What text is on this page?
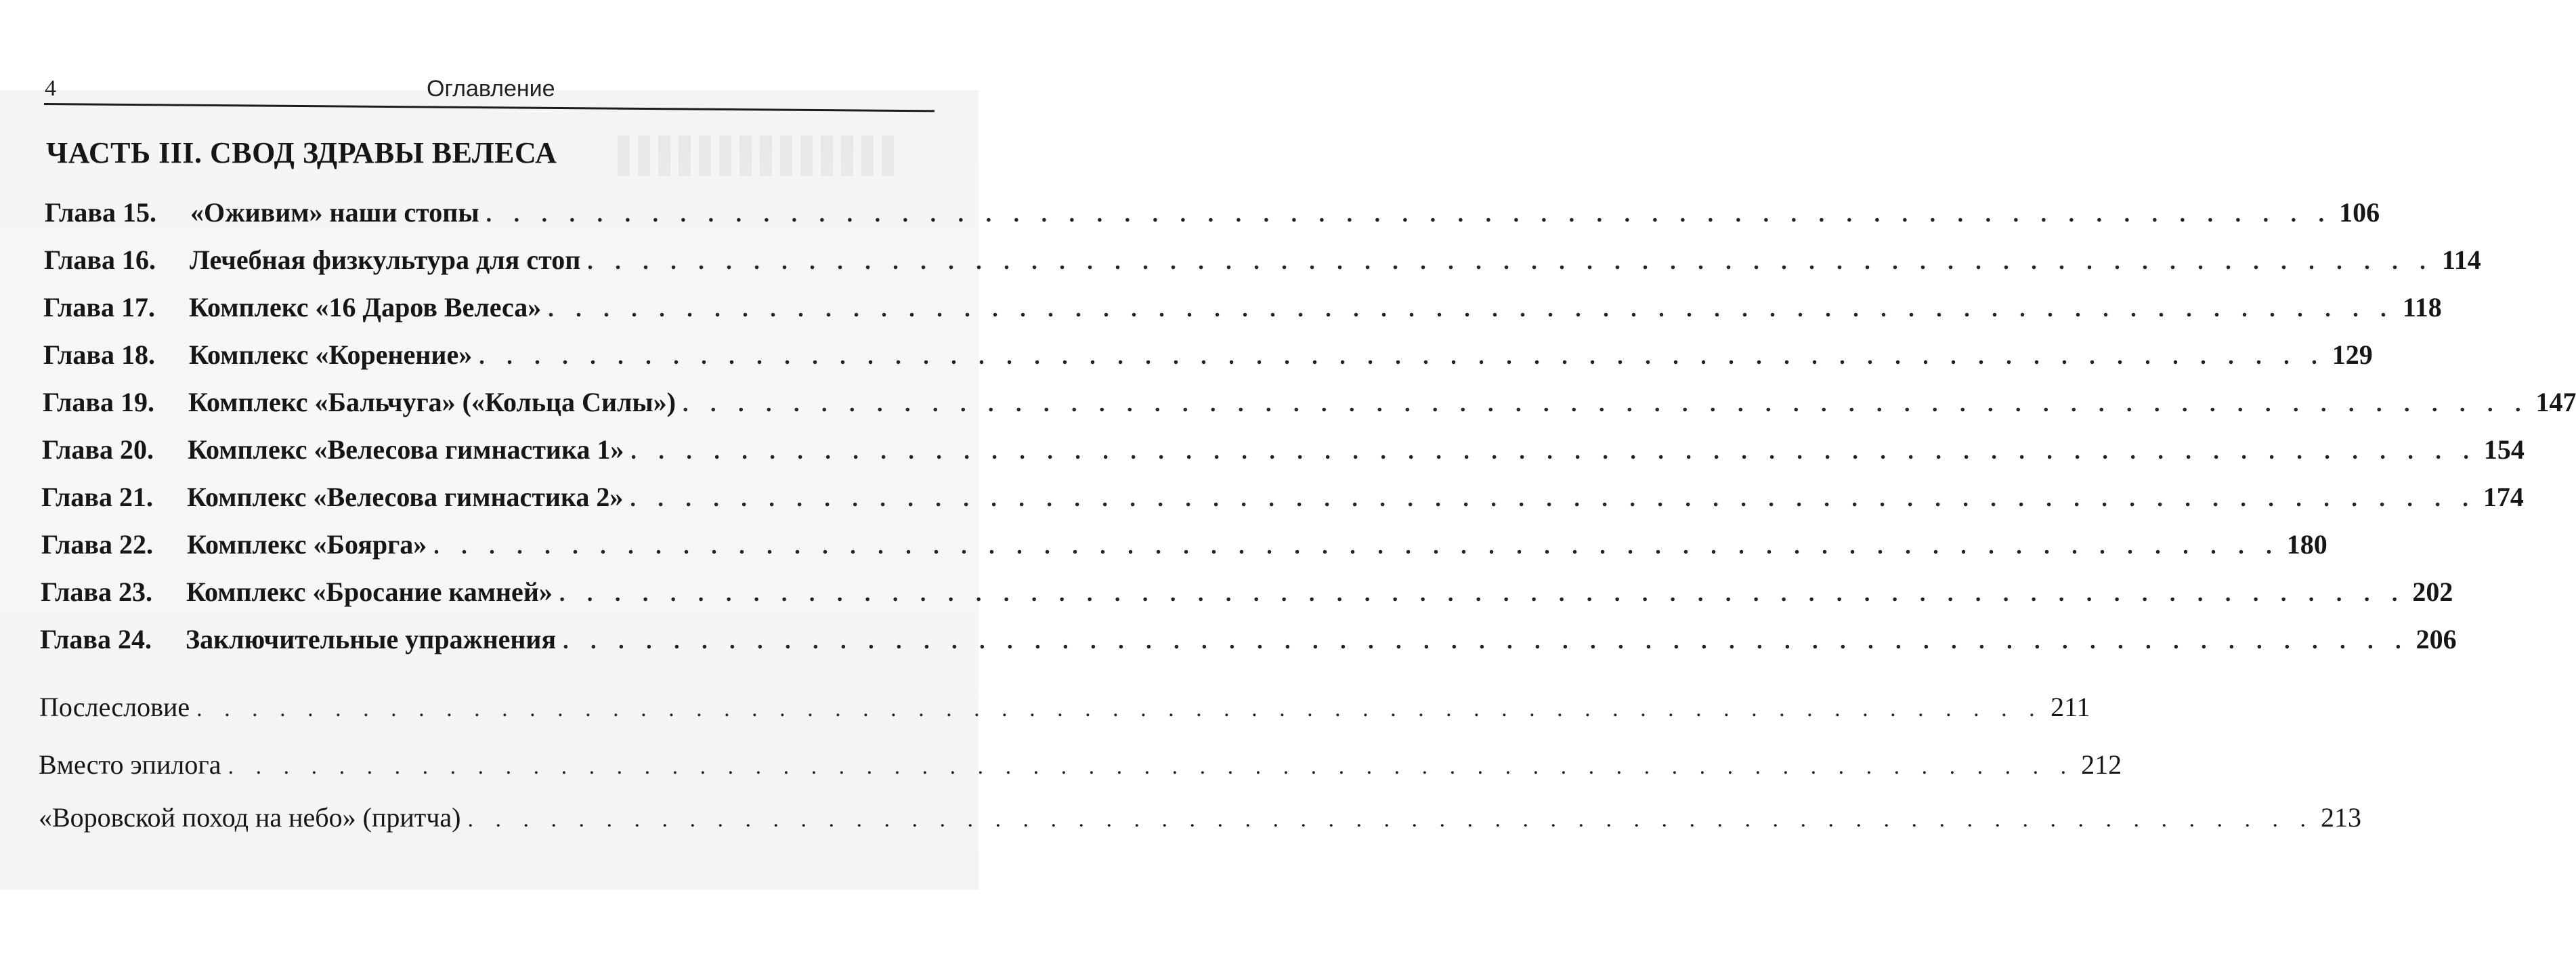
4	Оглавление
ЧАСТЬ III. СВОД ЗДРАВЫ ВЕЛЕСА
Глава 15.	«Оживим» наши стопы . . . . . . . . . . . . . . . . . . . . . . . . . . . . . . . . . . . . . . . . . . . . . . . . . . . . . . . . . . . . . . . . . . . 106
Глава 16.	Лечебная физкультура для стоп . . . . . . . . . . . . . . . . . . . . . . . . . . . . . . . . . . . . . . . . . . . . . . . . . . . . . . . . . . . . . . . . . . . 114
Глава 17.	Комплекс «16 Даров Велеса» . . . . . . . . . . . . . . . . . . . . . . . . . . . . . . . . . . . . . . . . . . . . . . . . . . . . . . . . . . . . . . . . . . . 118
Глава 18.	Комплекс «Коренение» . . . . . . . . . . . . . . . . . . . . . . . . . . . . . . . . . . . . . . . . . . . . . . . . . . . . . . . . . . . . . . . . . . . 129
Глава 19.	Комплекс «Бальчуга» («Кольца Силы») . . . . . . . . . . . . . . . . . . . . . . . . . . . . . . . . . . . . . . . . . . . . . . . . . . . . . . . . . . . . . . . . . . . 147
Глава 20.	Комплекс «Велесова гимнастика 1» . . . . . . . . . . . . . . . . . . . . . . . . . . . . . . . . . . . . . . . . . . . . . . . . . . . . . . . . . . . . . . . . . . . 154
Глава 21.	Комплекс «Велесова гимнастика 2» . . . . . . . . . . . . . . . . . . . . . . . . . . . . . . . . . . . . . . . . . . . . . . . . . . . . . . . . . . . . . . . . . . . 174
Глава 22.	Комплекс «Боярга» . . . . . . . . . . . . . . . . . . . . . . . . . . . . . . . . . . . . . . . . . . . . . . . . . . . . . . . . . . . . . . . . . . . 180
Глава 23.	Комплекс «Бросание камней» . . . . . . . . . . . . . . . . . . . . . . . . . . . . . . . . . . . . . . . . . . . . . . . . . . . . . . . . . . . . . . . . . . . 202
Глава 24.	Заключительные упражнения . . . . . . . . . . . . . . . . . . . . . . . . . . . . . . . . . . . . . . . . . . . . . . . . . . . . . . . . . . . . . . . . . . . 206
Послесловие . . . . . . . . . . . . . . . . . . . . . . . . . . . . . . . . . . . . . . . . . . . . . . . . . . . . . . . . . . . . . . . . . . . 211
Вместо эпилога . . . . . . . . . . . . . . . . . . . . . . . . . . . . . . . . . . . . . . . . . . . . . . . . . . . . . . . . . . . . . . . . . . . 212
«Воровской поход на небо» (притча) . . . . . . . . . . . . . . . . . . . . . . . . . . . . . . . . . . . . . . . . . . . . . . . . . . . . . . . . . . . . . . . . . . . 213
